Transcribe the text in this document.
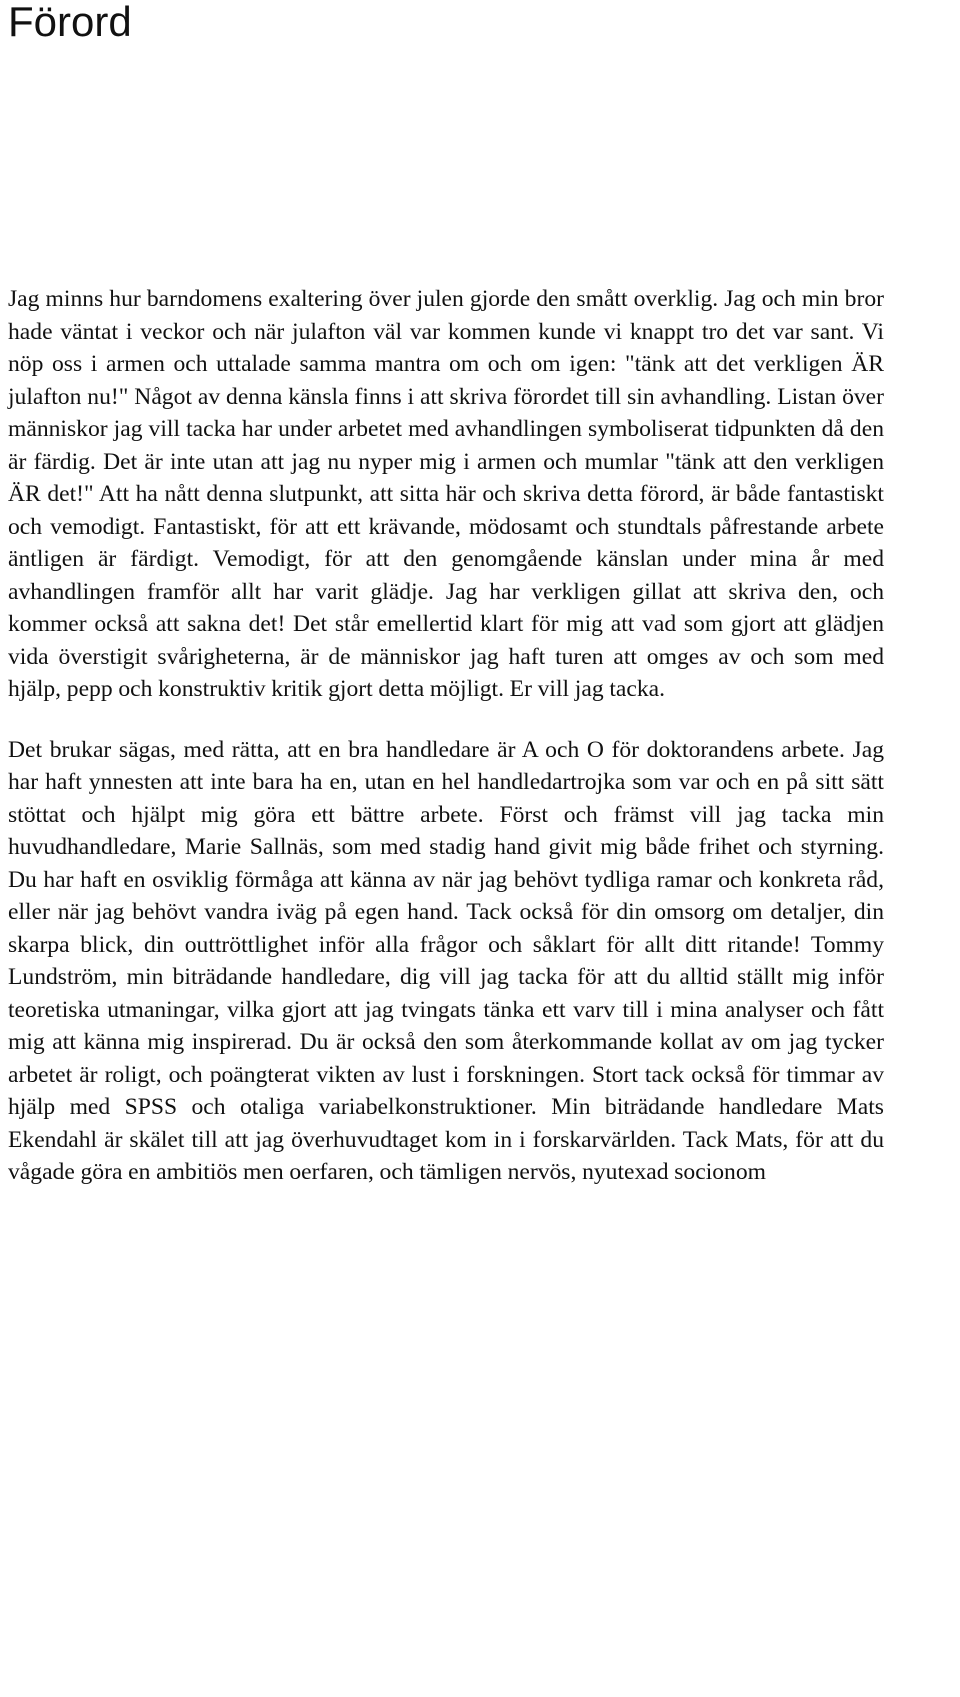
Förord

Jag minns hur barndomens exaltering över julen gjorde den smått overklig. Jag och min bror hade väntat i veckor och när julafton väl var kommen kunde vi knappt tro det var sant. Vi nöp oss i armen och uttalade samma mantra om och om igen: "tänk att det verkligen ÄR julafton nu!" Något av denna känsla finns i att skriva förordet till sin avhandling. Listan över människor jag vill tacka har under arbetet med avhandlingen symboliserat tidpunkten då den är färdig. Det är inte utan att jag nu nyper mig i armen och mumlar "tänk att den verkligen ÄR det!" Att ha nått denna slutpunkt, att sitta här och skriva detta förord, är både fantastiskt och vemodigt. Fantastiskt, för att ett krävande, mödosamt och stundtals påfrestande arbete äntligen är färdigt. Vemodigt, för att den genomgående känslan under mina år med avhandlingen framför allt har varit glädje. Jag har verkligen gillat att skriva den, och kommer också att sakna det! Det står emellertid klart för mig att vad som gjort att glädjen vida överstigit svårigheterna, är de människor jag haft turen att omges av och som med hjälp, pepp och konstruktiv kritik gjort detta möjligt. Er vill jag tacka.

Det brukar sägas, med rätta, att en bra handledare är A och O för doktorandens arbete. Jag har haft ynnesten att inte bara ha en, utan en hel handledartrojka som var och en på sitt sätt stöttat och hjälpt mig göra ett bättre arbete. Först och främst vill jag tacka min huvudhandledare, Marie Sallnäs, som med stadig hand givit mig både frihet och styrning. Du har haft en osviklig förmåga att känna av när jag behövt tydliga ramar och konkreta råd, eller när jag behövt vandra iväg på egen hand. Tack också för din omsorg om detaljer, din skarpa blick, din outtröttlighet inför alla frågor och såklart för allt ditt ritande! Tommy Lundström, min biträdande handledare, dig vill jag tacka för att du alltid ställt mig inför teoretiska utmaningar, vilka gjort att jag tvingats tänka ett varv till i mina analyser och fått mig att känna mig inspirerad. Du är också den som återkommande kollat av om jag tycker arbetet är roligt, och poängterat vikten av lust i forskningen. Stort tack också för timmar av hjälp med SPSS och otaliga variabelkonstruktioner. Min biträdande handledare Mats Ekendahl är skälet till att jag överhuvudtaget kom in i forskarvärlden. Tack Mats, för att du vågade göra en ambitiös men oerfaren, och tämligen nervös, nyutexad socionom
